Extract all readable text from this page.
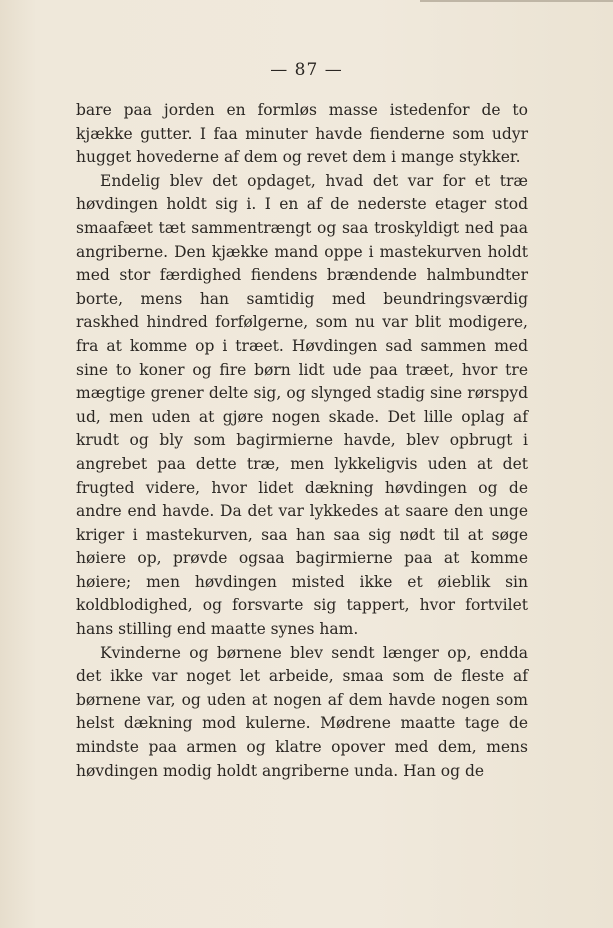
— 87 —

bare paa jorden en formløs masse istedenfor de to kjække gutter. I faa minuter havde fienderne som udyr hugget hovederne af dem og revet dem i mange stykker.

Endelig blev det opdaget, hvad det var for et træ høvdingen holdt sig i. I en af de nederste etager stod smaafæet tæt sammentrængt og saa troskyldigt ned paa angriberne. Den kjække mand oppe i mastekurven holdt med stor færdighed fiendens brændende halmbundter borte, mens han samtidig med beundringsværdig raskhed hindred forfølgerne, som nu var blit modigere, fra at komme op i træet. Høvdingen sad sammen med sine to koner og fire børn lidt ude paa træet, hvor tre mægtige grener delte sig, og slynged stadig sine rørspyd ud, men uden at gjøre nogen skade. Det lille oplag af krudt og bly som bagirmierne havde, blev opbrugt i angrebet paa dette træ, men lykkeligvis uden at det frugted videre, hvor lidet dækning høvdingen og de andre end havde. Da det var lykkedes at saare den unge kriger i mastekurven, saa han saa sig nødt til at søge høiere op, prøvde ogsaa bagirmierne paa at komme høiere; men høvdingen misted ikke et øieblik sin koldblodighed, og forsvarte sig tappert, hvor fortvilet hans stilling end maatte synes ham.

Kvinderne og børnene blev sendt længer op, endda det ikke var noget let arbeide, smaa som de fleste af børnene var, og uden at nogen af dem havde nogen som helst dækning mod kulerne. Mødrene maatte tage de mindste paa armen og klatre opover med dem, mens høvdingen modig holdt angriberne unda. Han og de
